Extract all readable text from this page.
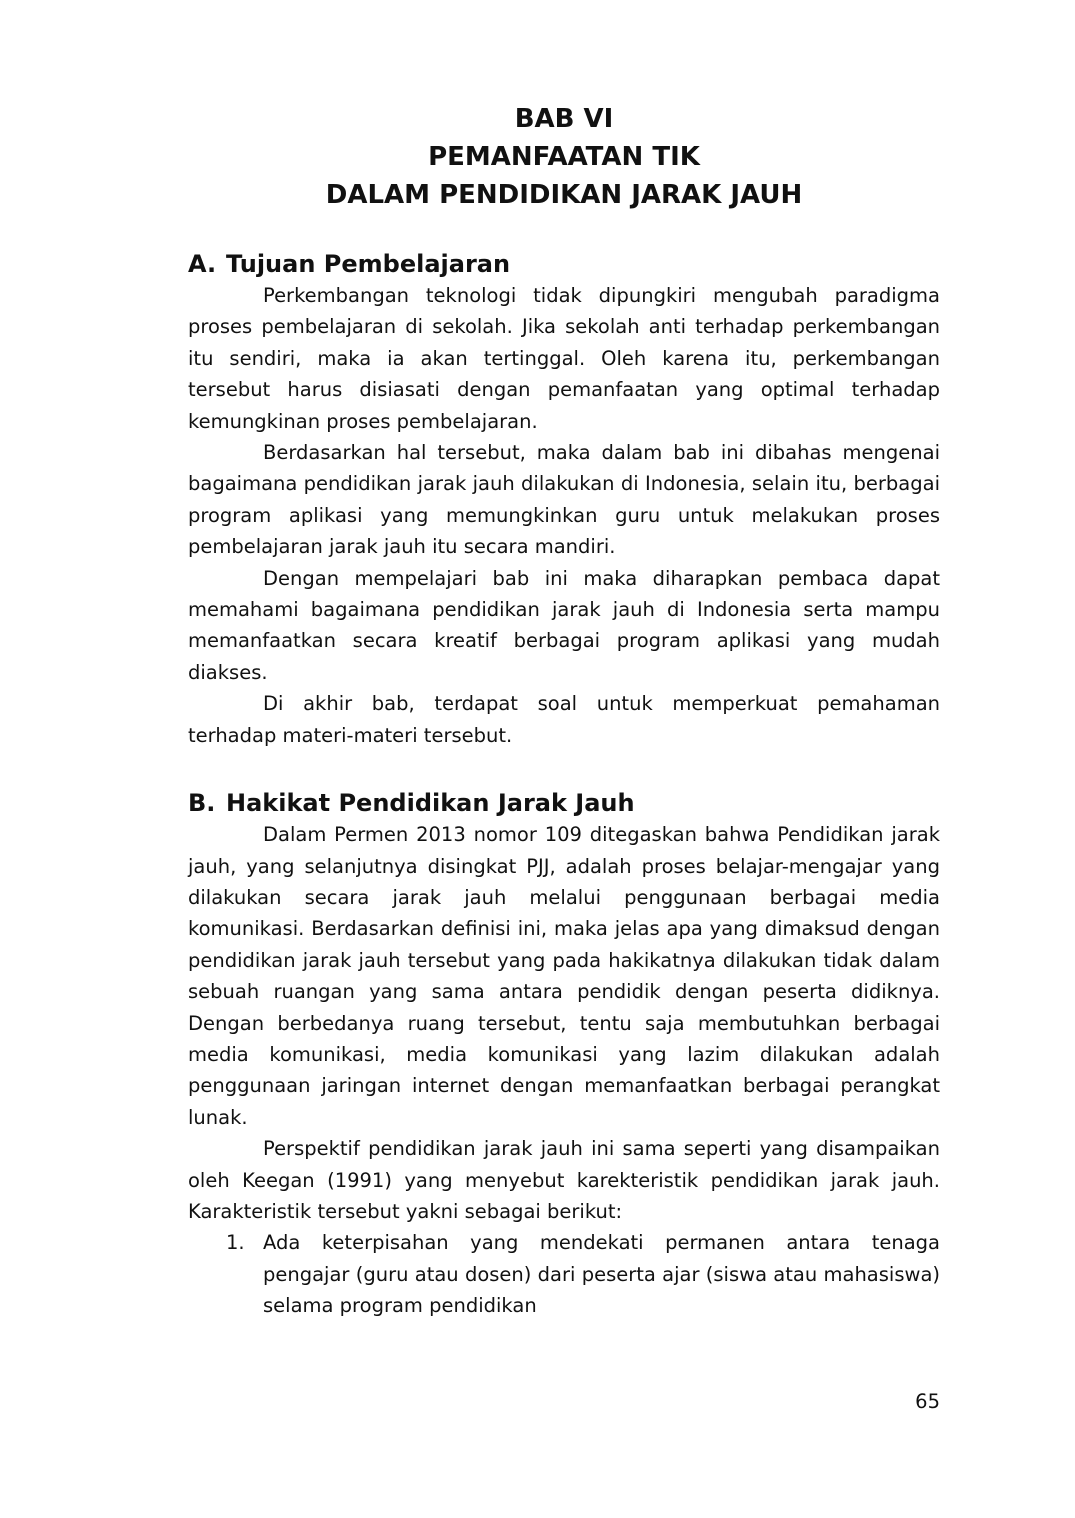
BAB VI
PEMANFAATAN TIK
DALAM PENDIDIKAN JARAK JAUH
A. Tujuan Pembelajaran

Perkembangan teknologi tidak dipungkiri mengubah paradigma proses pembelajaran di sekolah. Jika sekolah anti terhadap perkembangan itu sendiri, maka ia akan tertinggal. Oleh karena itu, perkembangan tersebut harus disiasati dengan pemanfaatan yang optimal terhadap kemungkinan proses pembelajaran.

Berdasarkan hal tersebut, maka dalam bab ini dibahas mengenai bagaimana pendidikan jarak jauh dilakukan di Indonesia, selain itu, berbagai program aplikasi yang memungkinkan guru untuk melakukan proses pembelajaran jarak jauh itu secara mandiri.

Dengan mempelajari bab ini maka diharapkan pembaca dapat memahami bagaimana pendidikan jarak jauh di Indonesia serta mampu memanfaatkan secara kreatif berbagai program aplikasi yang mudah diakses.

Di akhir bab, terdapat soal untuk memperkuat pemahaman terhadap materi-materi tersebut.

B. Hakikat Pendidikan Jarak Jauh

Dalam Permen 2013 nomor 109 ditegaskan bahwa Pendidikan jarak jauh, yang selanjutnya disingkat PJJ, adalah proses belajar-mengajar yang dilakukan secara jarak jauh melalui penggunaan berbagai media komunikasi. Berdasarkan definisi ini, maka jelas apa yang dimaksud dengan pendidikan jarak jauh tersebut yang pada hakikatnya dilakukan tidak dalam sebuah ruangan yang sama antara pendidik dengan peserta didiknya. Dengan berbedanya ruang tersebut, tentu saja membutuhkan berbagai media komunikasi, media komunikasi yang lazim dilakukan adalah penggunaan jaringan internet dengan memanfaatkan berbagai perangkat lunak.

Perspektif pendidikan jarak jauh ini sama seperti yang disampaikan oleh Keegan (1991) yang menyebut karekteristik pendidikan jarak jauh. Karakteristik tersebut yakni sebagai berikut:

1. Ada keterpisahan yang mendekati permanen antara tenaga pengajar (guru atau dosen) dari peserta ajar (siswa atau mahasiswa) selama program pendidikan
65
